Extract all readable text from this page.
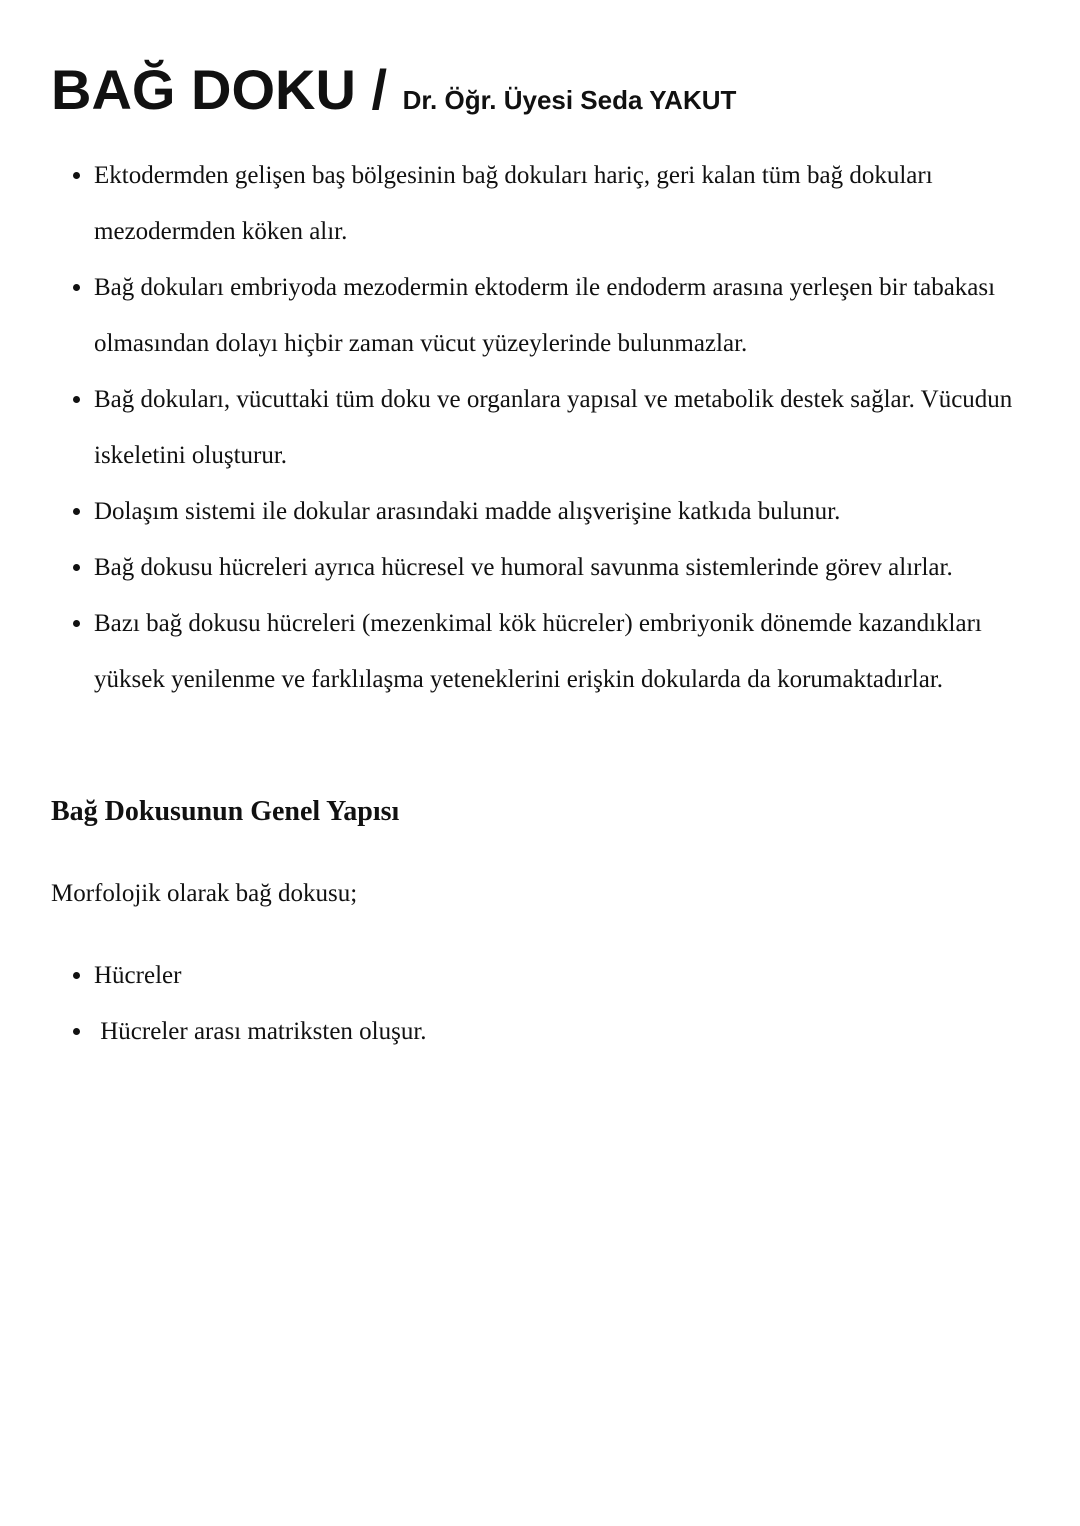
BAĞ DOKU / Dr. Öğr. Üyesi Seda YAKUT
• Ektodermden gelişen baş bölgesinin bağ dokuları hariç, geri kalan tüm bağ dokuları mezodermden köken alır.
• Bağ dokuları embriyoda mezodermin ektoderm ile endoderm arasına yerleşen bir tabakası olmasından dolayı hiçbir zaman vücut yüzeylerinde bulunmazlar.
• Bağ dokuları, vücuttaki tüm doku ve organlara yapısal ve metabolik destek sağlar. Vücudun iskeletini oluşturur.
• Dolaşım sistemi ile dokular arasındaki madde alışverişine katkıda bulunur.
• Bağ dokusu hücreleri ayrıca hücresel ve humoral savunma sistemlerinde görev alırlar.
• Bazı bağ dokusu hücreleri (mezenkimal kök hücreler) embriyonik dönemde kazandıkları yüksek yenilenme ve farklılaşma yeteneklerini erişkin dokularda da korumaktadırlar.
Bağ Dokusunun Genel Yapısı

Morfolojik olarak bağ dokusu;

• Hücreler
•  Hücreler arası matriksten oluşur.
